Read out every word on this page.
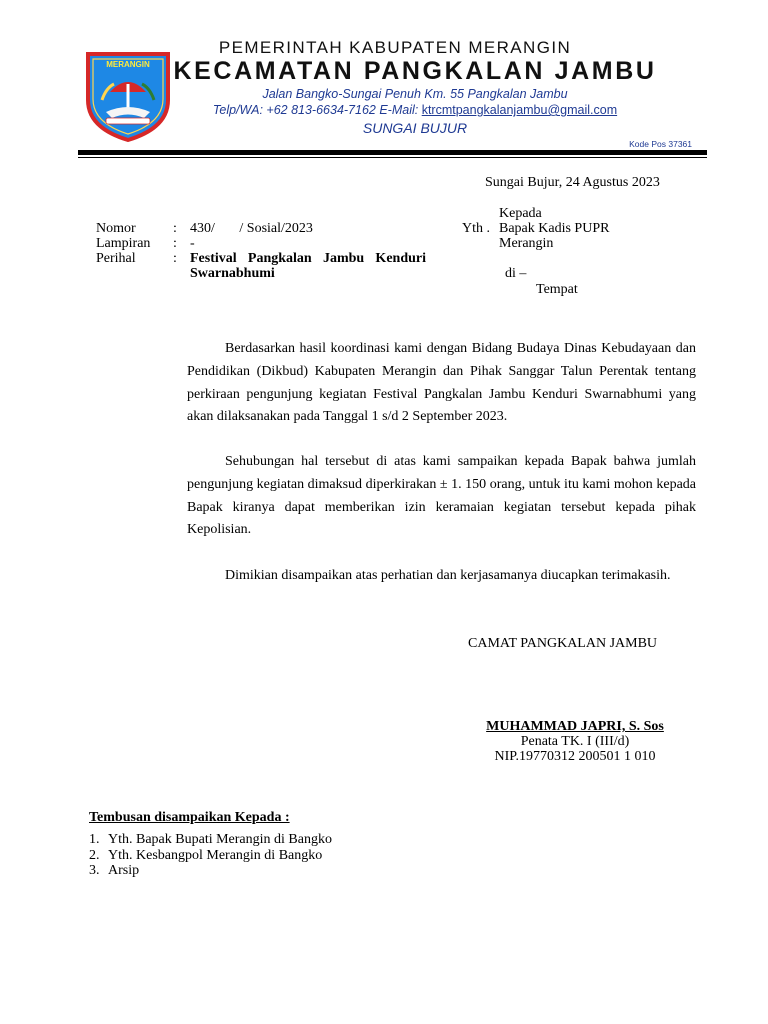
MERANGIN
PEMERINTAH KABUPATEN MERANGIN
KECAMATAN PANGKALAN JAMBU
Jalan Bangko-Sungai Penuh Km. 55 Pangkalan Jambu
Telp/WA: +62 813-6634-7162 E-Mail: ktrcmtpangkalanjambu@gmail.com
SUNGAI BUJUR
Kode Pos 37361
Sungai Bujur, 24 Agustus 2023
Kepada
Yth . Bapak Kadis PUPR
Merangin
di –
Tempat
Nomor	: 430/       / Sosial/2023
Lampiran : -
Perihal	: Festival Pangkalan Jambu Kenduri Swarnabhumi
Berdasarkan hasil koordinasi kami dengan Bidang Budaya Dinas Kebudayaan dan Pendidikan (Dikbud) Kabupaten Merangin dan Pihak Sanggar Talun Perentak tentang perkiraan pengunjung kegiatan Festival Pangkalan Jambu Kenduri Swarnabhumi yang akan dilaksanakan pada Tanggal 1 s/d 2 September 2023.
Sehubungan hal tersebut di atas kami sampaikan kepada Bapak bahwa jumlah pengunjung kegiatan dimaksud diperkirakan ± 1. 150 orang, untuk itu kami mohon kepada Bapak kiranya dapat memberikan izin keramaian kegiatan tersebut kepada pihak Kepolisian.
Dimikian disampaikan atas perhatian dan kerjasamanya diucapkan terimakasih.
CAMAT PANGKALAN JAMBU
MUHAMMAD JAPRI, S. Sos
Penata TK. I (III/d)
NIP.19770312 200501 1 010
Tembusan disampaikan Kepada :
1. Yth. Bapak Bupati Merangin di Bangko
2. Yth. Kesbangpol Merangin di Bangko
3. Arsip
